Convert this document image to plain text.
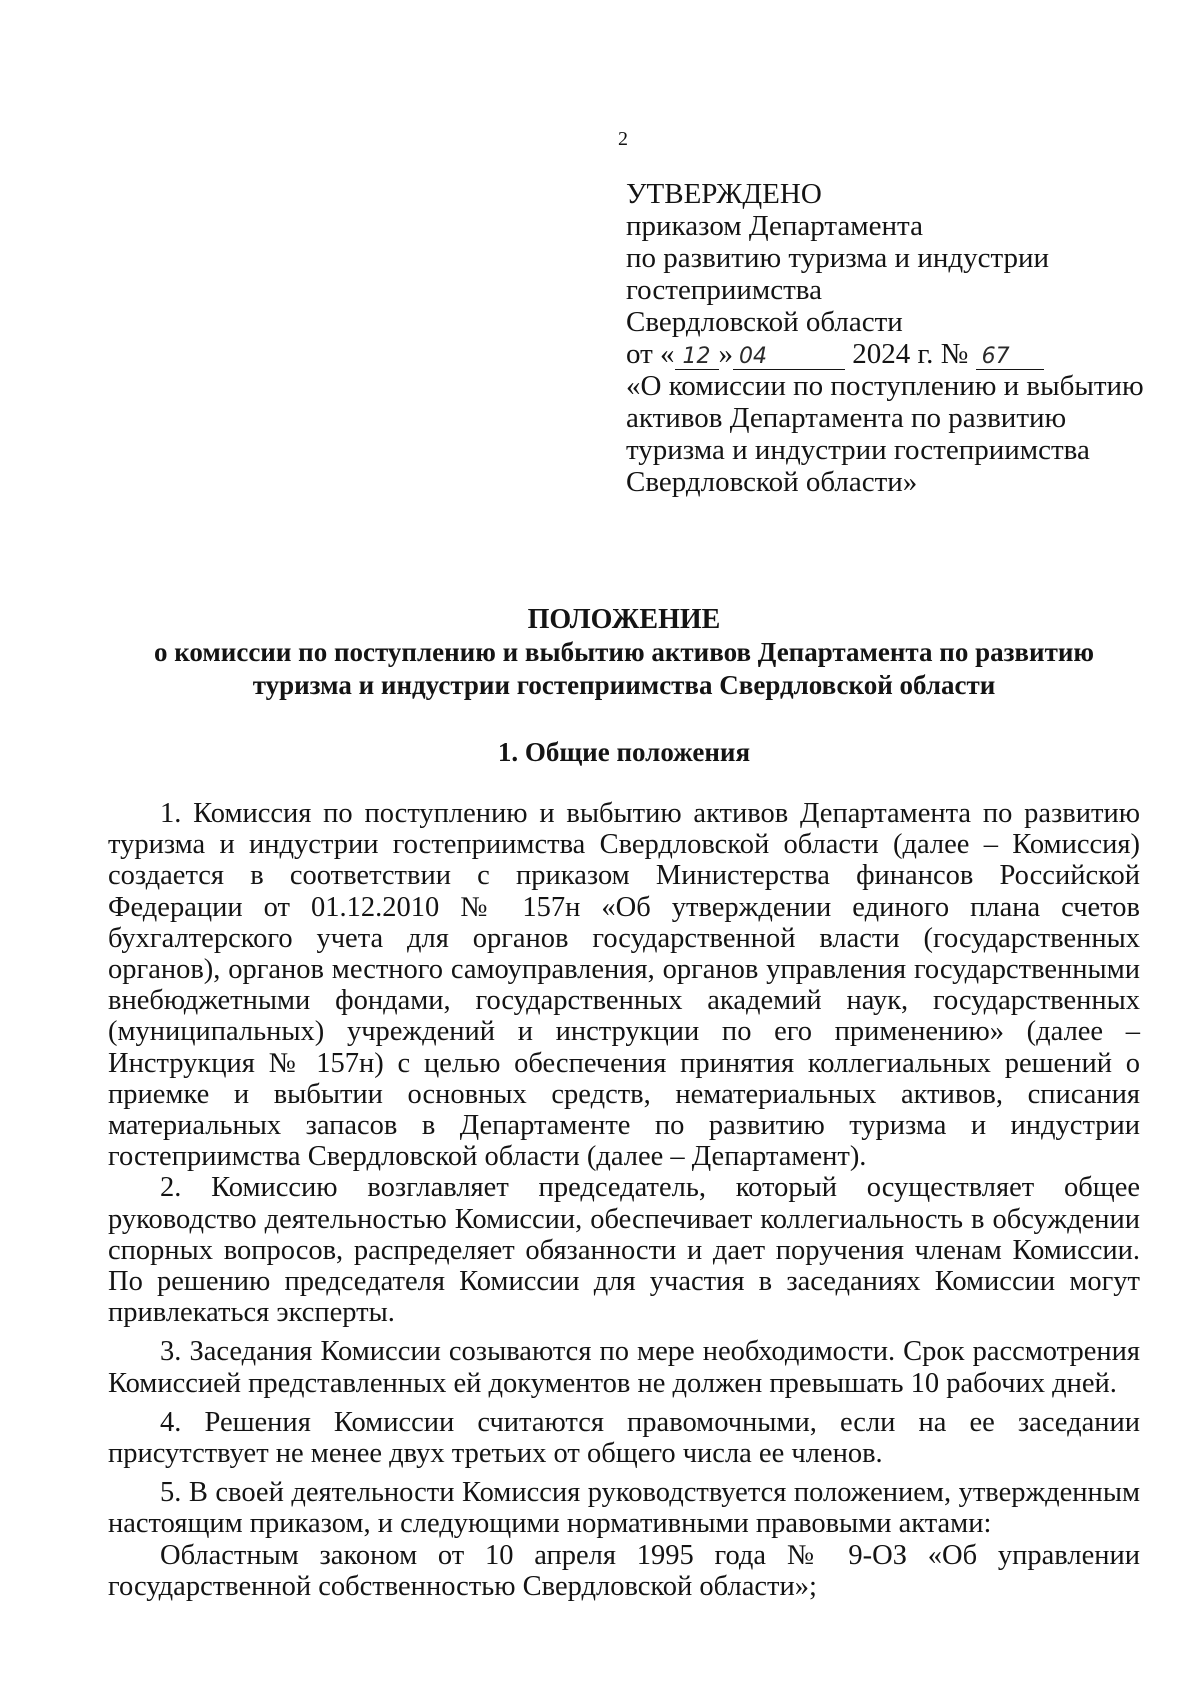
2
УТВЕРЖДЕНО
приказом Департамента
по развитию туризма и индустрии
гостеприимства
Свердловской области
от « 12 » 04	2024 г. № 67
«О комиссии по поступлению и выбытию
активов Департамента по развитию
туризма и индустрии гостеприимства
Свердловской области»
ПОЛОЖЕНИЕ
о комиссии по поступлению и выбытию активов Департамента по развитию
туризма и индустрии гостеприимства Свердловской области
1. Общие положения

1. Комиссия по поступлению и выбытию активов Департамента по развитию туризма и индустрии гостеприимства Свердловской области (далее – Комиссия) создается в соответствии с приказом Министерства финансов Российской Федерации от 01.12.2010 № 157н «Об утверждении единого плана счетов бухгалтерского учета для органов государственной власти (государственных органов), органов местного самоуправления, органов управления государственными внебюджетными фондами, государственных академий наук, государственных (муниципальных) учреждений и инструкции по его применению» (далее – Инструкция № 157н) с целью обеспечения принятия коллегиальных решений о приемке и выбытии основных средств, нематериальных активов, списания материальных запасов в Департаменте по развитию туризма и индустрии гостеприимства Свердловской области (далее – Департамент).

2. Комиссию возглавляет председатель, который осуществляет общее руководство деятельностью Комиссии, обеспечивает коллегиальность в обсуждении спорных вопросов, распределяет обязанности и дает поручения членам Комиссии. По решению председателя Комиссии для участия в заседаниях Комиссии могут привлекаться эксперты.

3. Заседания Комиссии созываются по мере необходимости. Срок рассмотрения Комиссией представленных ей документов не должен превышать 10 рабочих дней.

4. Решения Комиссии считаются правомочными, если на ее заседании присутствует не менее двух третьих от общего числа ее членов.

5. В своей деятельности Комиссия руководствуется положением, утвержденным настоящим приказом, и следующими нормативными правовыми актами:

Областным законом от 10 апреля 1995 года № 9-ОЗ «Об управлении государственной собственностью Свердловской области»;
